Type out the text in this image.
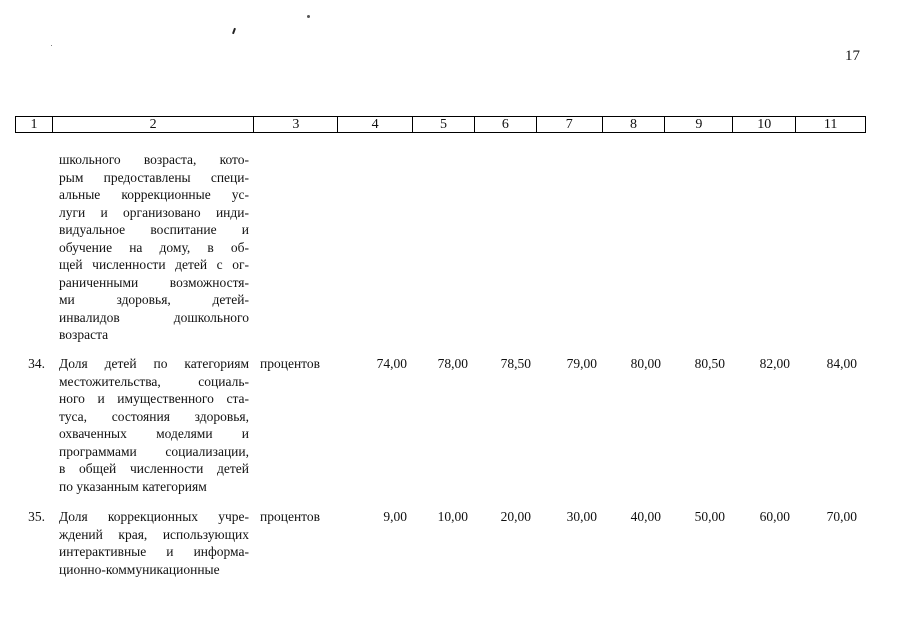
17
1	2	3	4	5	6	7	8	9	10	11
школьного возраста, кото-
рым предоставлены специ-
альные коррекционные ус-
луги и организовано инди-
видуальное воспитание и
обучение на дому, в об-
щей численности детей с ог-
раниченными возможностя-
ми здоровья, детей-
инвалидов дошкольного
возраста
34. Доля детей по категориям
местожительства, социаль-
ного и имущественного ста-
туса, состояния здоровья,
охваченных моделями и
программами социализации,
в общей численности детей
по указанным категориям
процентов	74,00	78,00	78,50	79,00	80,00	80,50	82,00	84,00
35. Доля коррекционных учре-
ждений края, использующих
интерактивные и информа-
ционно-коммуникационные
процентов	9,00	10,00	20,00	30,00	40,00	50,00	60,00	70,00
